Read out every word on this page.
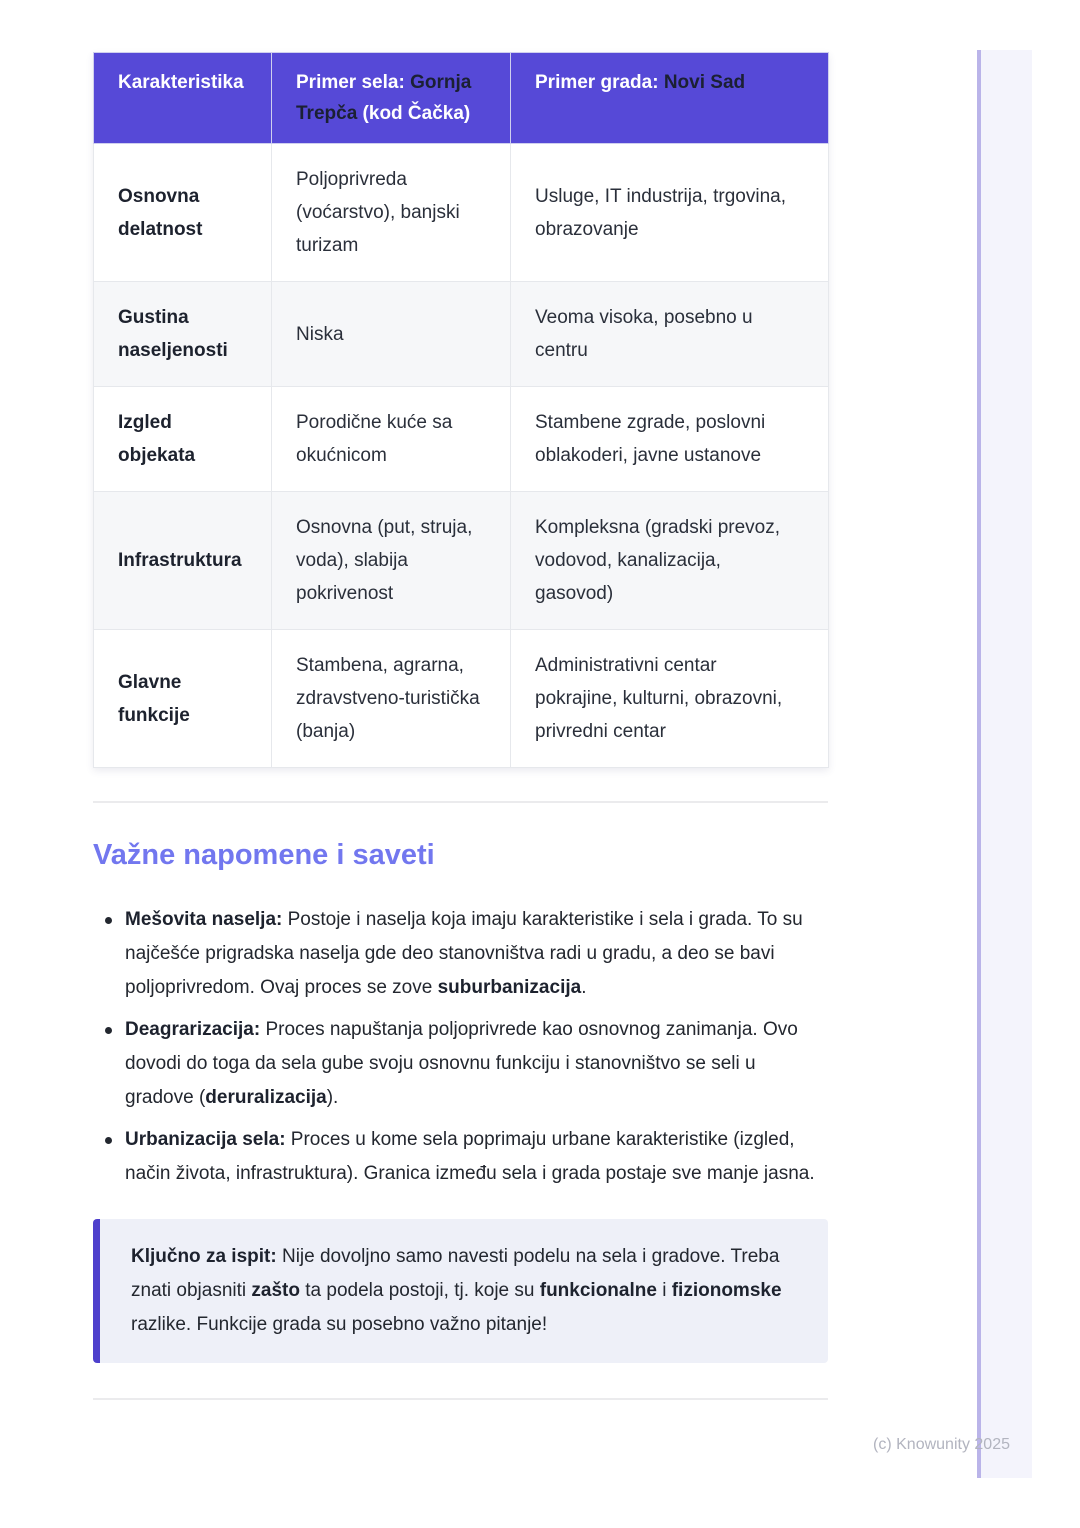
Karakteristika	Primer sela: Gornja Trepča (kod Čačka)	Primer grada: Novi Sad
Osnovna delatnost	Poljoprivreda (voćarstvo), banjski turizam	Usluge, IT industrija, trgovina, obrazovanje
Gustina naseljenosti	Niska	Veoma visoka, posebno u centru
Izgled objekata	Porodične kuće sa okućnicom	Stambene zgrade, poslovni oblakoderi, javne ustanove
Infrastruktura	Osnovna (put, struja, voda), slabija pokrivenost	Kompleksna (gradski prevoz, vodovod, kanalizacija, gasovod)
Glavne funkcije	Stambena, agrarna, zdravstveno-turistička (banja)	Administrativni centar pokrajine, kulturni, obrazovni, privredni centar
Važne napomene i saveti
Mešovita naselja: Postoje i naselja koja imaju karakteristike i sela i grada. To su najčešće prigradska naselja gde deo stanovništva radi u gradu, a deo se bavi poljoprivredom. Ovaj proces se zove suburbanizacija.
Deagrarizacija: Proces napuštanja poljoprivrede kao osnovnog zanimanja. Ovo dovodi do toga da sela gube svoju osnovnu funkciju i stanovništvo se seli u gradove (deruralizacija).
Urbanizacija sela: Proces u kome sela poprimaju urbane karakteristike (izgled, način života, infrastruktura). Granica između sela i grada postaje sve manje jasna.
Ključno za ispit: Nije dovoljno samo navesti podelu na sela i gradove. Treba znati objasniti zašto ta podela postoji, tj. koje su funkcionalne i fizionomske razlike. Funkcije grada su posebno važno pitanje!
(c) Knowunity 2025
